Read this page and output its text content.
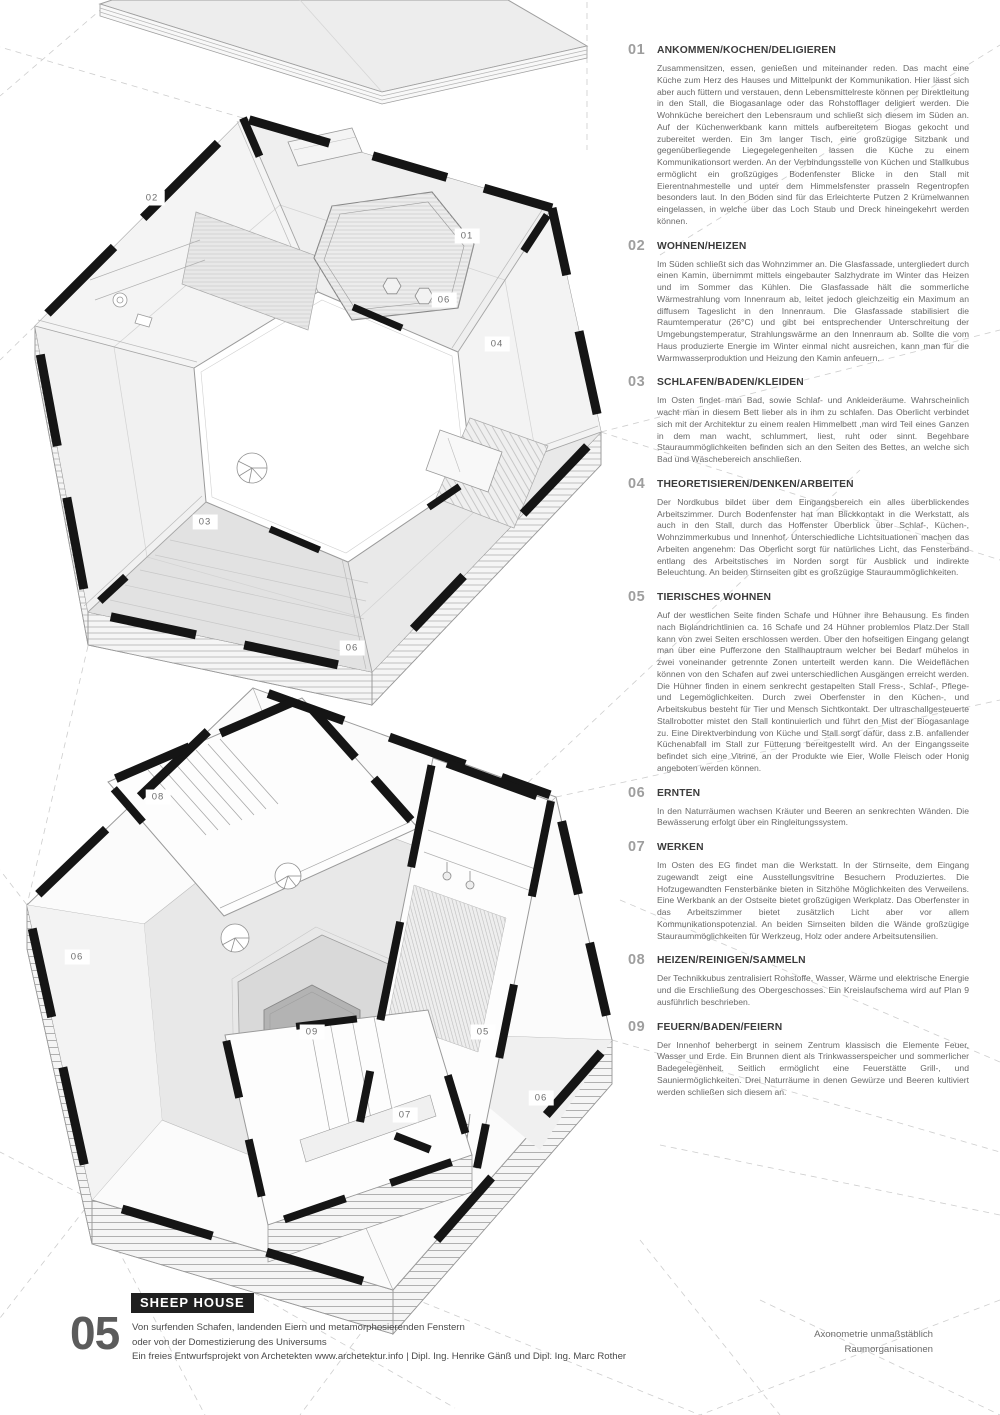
02
01
06
04
03
06
08
06
09	05
06
07
01 ANKOMMEN/KOCHEN/DELIGIEREN

Zusammensitzen, essen, genießen und miteinander reden. Das macht eine Küche zum Herz des Hauses und Mittelpunkt der Kommunikation. Hier lässt sich aber auch füttern und verstauen, denn Lebensmittelreste können per Direktleitung in den Stall, die Biogasanlage oder das Rohstofflager deligiert werden. Die Wohnküche bereichert den Lebensraum und schließt sich diesem im Süden an. Auf der Küchenwerkbank kann mittels aufbereitetem Biogas gekocht und zubereitet werden. Ein 3m langer Tisch, eine großzügige Sitzbank und gegenüberliegende Liegegelegenheiten lassen die Küche zu einem Kommunikationsort werden. An der Verbindungsstelle von Küchen und Stallkubus ermöglicht ein großzügiges Bodenfenster Blicke in den Stall mit Eierentnahmestelle und unter dem Himmelsfenster prasseln Regentropfen besonders laut. In den Boden sind für das Erleichterte Putzen 2 Krümelwannen eingelassen, in welche über das Loch Staub und Dreck hineingekehrt werden können.

02 WOHNEN/HEIZEN

Im Süden schließt sich das Wohnzimmer an. Die Glasfassade, untergliedert durch einen Kamin, übernimmt mittels eingebauter Salzhydrate im Winter das Heizen und im Sommer das Kühlen. Die Glasfassade hält die sommerliche Wärmestrahlung vom Innenraum ab, leitet jedoch gleichzeitig ein Maximum an diffusem Tageslicht in den Innenraum. Die Glasfassade stabilisiert die Raumtemperatur (26°C) und gibt bei entsprechender Unterschreitung der Umgebungstemperatur, Strahlungswärme an den Innenraum ab. Sollte die vom Haus produzierte Energie im Winter einmal nicht ausreichen, kann man für die Warmwasserproduktion und Heizung den Kamin anfeuern.

03 SCHLAFEN/BADEN/KLEIDEN

Im Osten findet man Bad, sowie Schlaf- und Ankleideräume. Wahrscheinlich wacht man in diesem Bett lieber als in ihm zu schlafen. Das Oberlicht verbindet sich mit der Architektur zu einem realen Himmelbett ,man wird Teil eines Ganzen in dem man wacht, schlummert, liest, ruht oder sinnt. Begehbare Stauraummöglichkeiten befinden sich an den Seiten des Bettes, an welche sich Bad und Wäschebereich anschließen.

04 THEORETISIEREN/DENKEN/ARBEITEN

Der Nordkubus bildet über dem Eingangsbereich ein alles überblickendes Arbeitszimmer. Durch Bodenfenster hat man Blickkontakt in die Werkstatt, als auch in den Stall, durch das Hoffenster Überblick über Schlaf-, Küchen-, Wohnzimmerkubus und Innenhof. Unterschiedliche Lichtsituationen machen das Arbeiten angenehm: Das Oberlicht sorgt für natürliches Licht, das Fensterband entlang des Arbeitstisches im Norden sorgt für Ausblick und indirekte Beleuchtung. An beiden Stirnseiten gibt es großzügige Stauraummöglichkeiten.

05 TIERISCHES WOHNEN

Auf der westlichen Seite finden Schafe und Hühner ihre Behausung. Es finden nach Biolandrichtlinien ca. 16 Schafe und 24 Hühner problemlos Platz.Der Stall kann von zwei Seiten erschlossen werden. Über den hofseitigen Eingang gelangt man über eine Pufferzone den Stallhauptraum welcher bei Bedarf mühelos in zwei voneinander getrennte Zonen unterteilt werden kann. Die Weideflächen können von den Schafen auf zwei unterschiedlichen Ausgängen erreicht werden. Die Hühner finden in einem senkrecht gestapelten Stall Fress-, Schlaf-, Pflege- und Legemöglichkeiten. Durch zwei Oberfenster in den Küchen-, und Arbeitskubus besteht für Tier und Mensch Sichtkontakt. Der ultraschallgesteuerte Stallrobotter mistet den Stall kontinuierlich und führt den Mist der Biogasanlage zu. Eine Direktverbindung von Küche und Stall sorgt dafür, dass z.B. anfallender Küchenabfall im Stall zur Fütterung bereitgestellt wird. An der Eingangsseite befindet sich eine Vitrine, an der Produkte wie Eier, Wolle Fleisch oder Honig angeboten werden können.

06 ERNTEN

In den Naturräumen wachsen Kräuter und Beeren an senkrechten Wänden. Die Bewässerung erfolgt über ein Ringleitungssystem.

07 WERKEN

Im Osten des EG findet man die Werkstatt. In der Stirnseite, dem Eingang zugewandt zeigt eine Ausstellungsvitrine Besuchern Produziertes. Die Hofzugewandten Fensterbänke bieten in Sitzhöhe Möglichkeiten des Verweilens. Eine Werkbank an der Ostseite bietet großzügigen Werkplatz. Das Oberfenster in das Arbeitszimmer bietet zusätzlich Licht aber vor allem Kommunikationspotenzial. An beiden Sirnseiten bilden die Wände großzügige Stauraummöglichkeiten für Werkzeug, Holz oder andere Arbeitsutensilien.

08 HEIZEN/REINIGEN/SAMMELN

Der Technikkubus zentralisiert Rohstoffe, Wasser, Wärme und elektrische Energie und die Erschließung des Obergeschosses. Ein Kreislaufschema wird auf Plan 9 ausführlich beschrieben.

09 FEUERN/BADEN/FEIERN

Der Innenhof beherbergt in seinem Zentrum klassisch die Elemente Feuer, Wasser und Erde. Ein Brunnen dient als Trinkwasserspeicher und sommerlicher Badegelegenheit. Seitlich ermöglicht eine Feuerstätte Grill-, und Sauniermöglichkeiten. Drei Naturräume in denen Gewürze und Beeren kultiviert werden schließen sich diesem an.

SHEEP HOUSE
05 Von surfenden Schafen, landenden Eiern und metamorphosierenden Fenstern
oder von der Domestizierung des Universums
Ein freies Entwurfsprojekt von Archetekten www.archetektur.info | Dipl. Ing. Henrike Gänß und Dipl. Ing. Marc Rother
Axonometrie unmaßstäblich
Raumorganisationen
